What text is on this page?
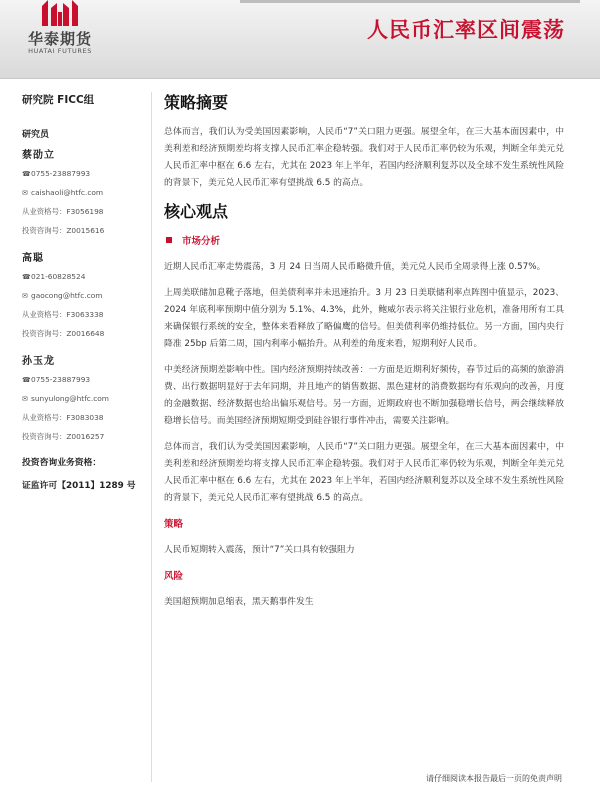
华泰期货
HUATAI FUTURES
人民币汇率区间震荡
研究院 FICC组
研究员
蔡劭立
☎0755-23887993
✉ caishaoli@htfc.com
从业资格号：F3056198
投资咨询号：Z0015616
高聪
☎021-60828524
✉ gaocong@htfc.com
从业资格号：F3063338
投资咨询号：Z0016648
孙玉龙
☎0755-23887993
✉ sunyulong@htfc.com
从业资格号：F3083038
投资咨询号：Z0016257
投资咨询业务资格：
证监许可【2011】1289 号
策略摘要

总体而言，我们认为受美国因素影响，人民币“7”关口阻力更强。展望全年，在三大基本面因素中，中美利差和经济预期差均将支撑人民币汇率企稳转强。我们对于人民币汇率仍较为乐观，判断全年美元兑人民币汇率中枢在 6.6 左右，尤其在 2023 年上半年，若国内经济顺利复苏以及全球不发生系统性风险的背景下，美元兑人民币汇率有望挑战 6.5 的高点。

核心观点
市场分析

近期人民币汇率走势震荡，3 月 24 日当周人民币略微升值，美元兑人民币全周录得上涨 0.57%。

上周美联储加息靴子落地，但美债利率并未迅速抬升。3 月 23 日美联储利率点阵图中值显示，2023、2024 年底利率预期中值分别为 5.1%、4.3%，此外，鲍威尔表示将关注银行业危机，准备用所有工具来确保银行系统的安全，整体来看释放了略偏鹰的信号。但美债利率仍维持低位。另一方面，国内央行降准 25bp 后第二周，国内利率小幅抬升。从利差的角度来看，短期利好人民币。

中美经济预期差影响中性。国内经济预期持续改善：一方面是近期利好频传，春节过后的高频的旅游消费、出行数据明显好于去年同期，并且地产的销售数据、黑色建材的消费数据均有乐观向的改善，月度的金融数据、经济数据也给出偏乐观信号。另一方面，近期政府也不断加强稳增长信号，两会继续释放稳增长信号。而美国经济预期短期受到硅谷银行事件冲击，需要关注影响。

总体而言，我们认为受美国因素影响，人民币“7”关口阻力更强。展望全年，在三大基本面因素中，中美利差和经济预期差均将支撑人民币汇率企稳转强。我们对于人民币汇率仍较为乐观，判断全年美元兑人民币汇率中枢在 6.6 左右，尤其在 2023 年上半年，若国内经济顺利复苏以及全球不发生系统性风险的背景下，美元兑人民币汇率有望挑战 6.5 的高点。

策略

人民币短期转入震荡，预计“7”关口具有较强阻力

风险

美国超预期加息缩表，黑天鹅事件发生

请仔细阅读本报告最后一页的免责声明
